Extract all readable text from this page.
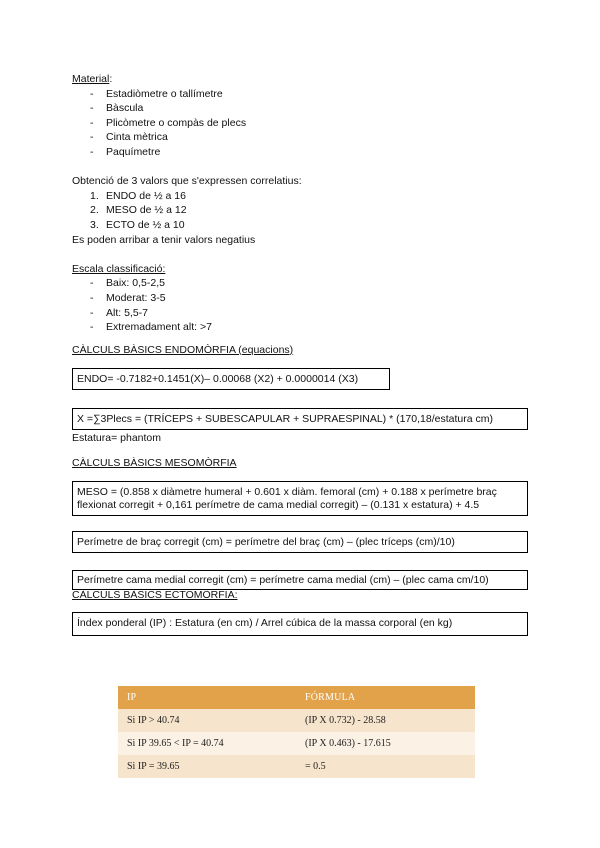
Material:
- Estadiòmetre o tallímetre
- Bàscula
- Plicòmetre o compàs de plecs
- Cinta mètrica
- Paquímetre
Obtenció de 3 valors que s'expressen correlatius:
1. ENDO de ½ a 16
2. MESO de ½ a 12
3. ECTO de ½ a 10
Es poden arribar a tenir valors negatius
Escala classificació:
- Baix: 0,5-2,5
- Moderat: 3-5
- Alt: 5,5-7
- Extremadament alt: >7
CÀLCULS BÀSICS ENDOMÒRFIA (equacions)
ENDO= -0.7182+0.1451(X)– 0.00068 (X2) + 0.0000014 (X3)
X =∑3Plecs = (TRÍCEPS + SUBESCAPULAR + SUPRAESPINAL) * (170,18/estatura cm)
Estatura= phantom
CÀLCULS BÀSICS MESOMÒRFIA
MESO = (0.858 x diàmetre humeral + 0.601 x diàm. femoral (cm) + 0.188 x perímetre braç
flexionat corregit + 0,161 perímetre de cama medial corregit) – (0.131 x estatura) + 4.5
Perímetre de braç corregit (cm) = perímetre del braç (cm) – (plec tríceps (cm)/10)
Perímetre cama medial corregit (cm) = perímetre cama medial (cm) – (plec cama cm/10)
CÀLCULS BÀSICS ECTOMÒRFIA:
Índex ponderal (IP) : Estatura (en cm) / Arrel cúbica de la massa corporal (en kg)
IP	FÓRMULA
Si IP > 40.74	(IP X 0.732) - 28.58
Si IP 39.65 < IP = 40.74	(IP X 0.463) - 17.615
Si IP = 39.65	= 0.5
